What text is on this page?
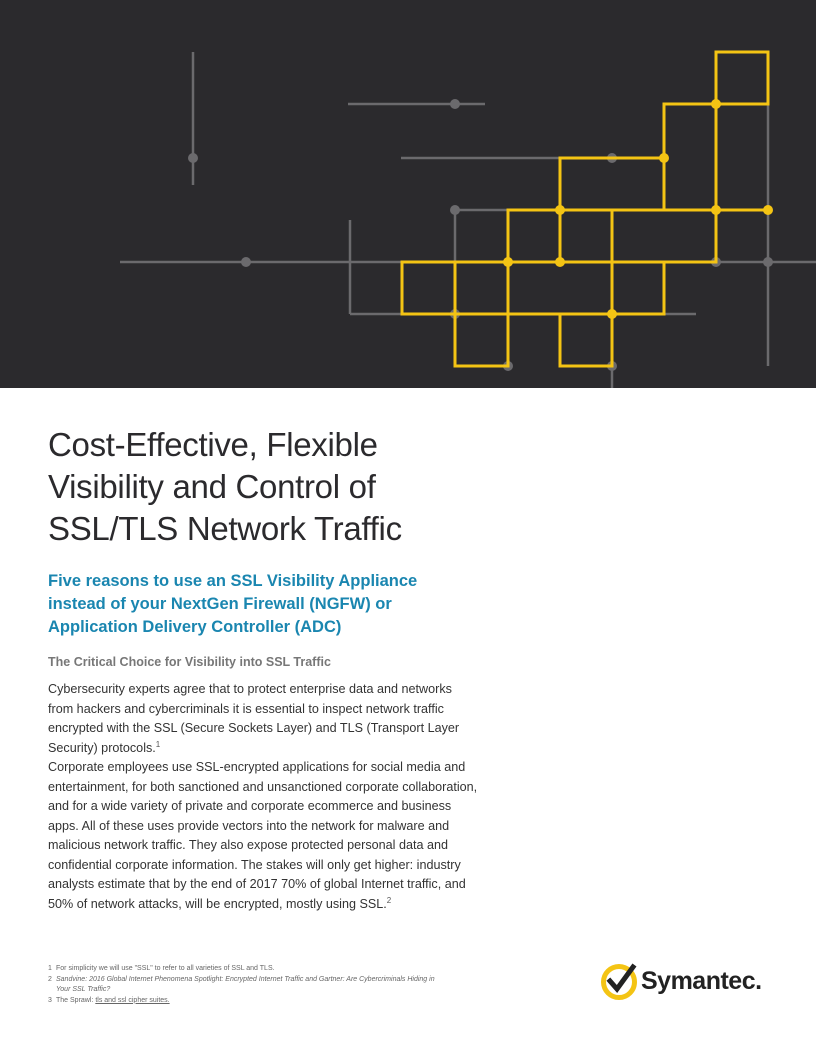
Cost-Effective, Flexible
Visibility and Control of
SSL/TLS Network Traffic
Five reasons to use an SSL Visibility Appliance
instead of your NextGen Firewall (NGFW) or
Application Delivery Controller (ADC)
The Critical Choice for Visibility into SSL Traffic

Cybersecurity experts agree that to protect enterprise data and networks from hackers and cybercriminals it is essential to inspect network traffic encrypted with the SSL (Secure Sockets Layer) and TLS (Transport Layer Security) protocols.$^1$

Corporate employees use SSL-encrypted applications for social media and entertainment, for both sanctioned and unsanctioned corporate collaboration, and for a wide variety of private and corporate ecommerce and business apps. All of these uses provide vectors into the network for malware and malicious network traffic. They also expose protected personal data and confidential corporate information. The stakes will only get higher: industry analysts estimate that by the end of 2017 70% of global Internet traffic, and 50% of network attacks, will be encrypted, mostly using SSL.$^2$

1 For simplicity we will use "SSL" to refer to all varieties of SSL and TLS.
2 Sandvine: 2016 Global Internet Phenomena Spotlight: Encrypted Internet Traffic and Gartner: Are Cybercriminals Hiding in Your SSL Traffic?
3 The Sprawl: tls and ssl cipher suites.
Symantec.
